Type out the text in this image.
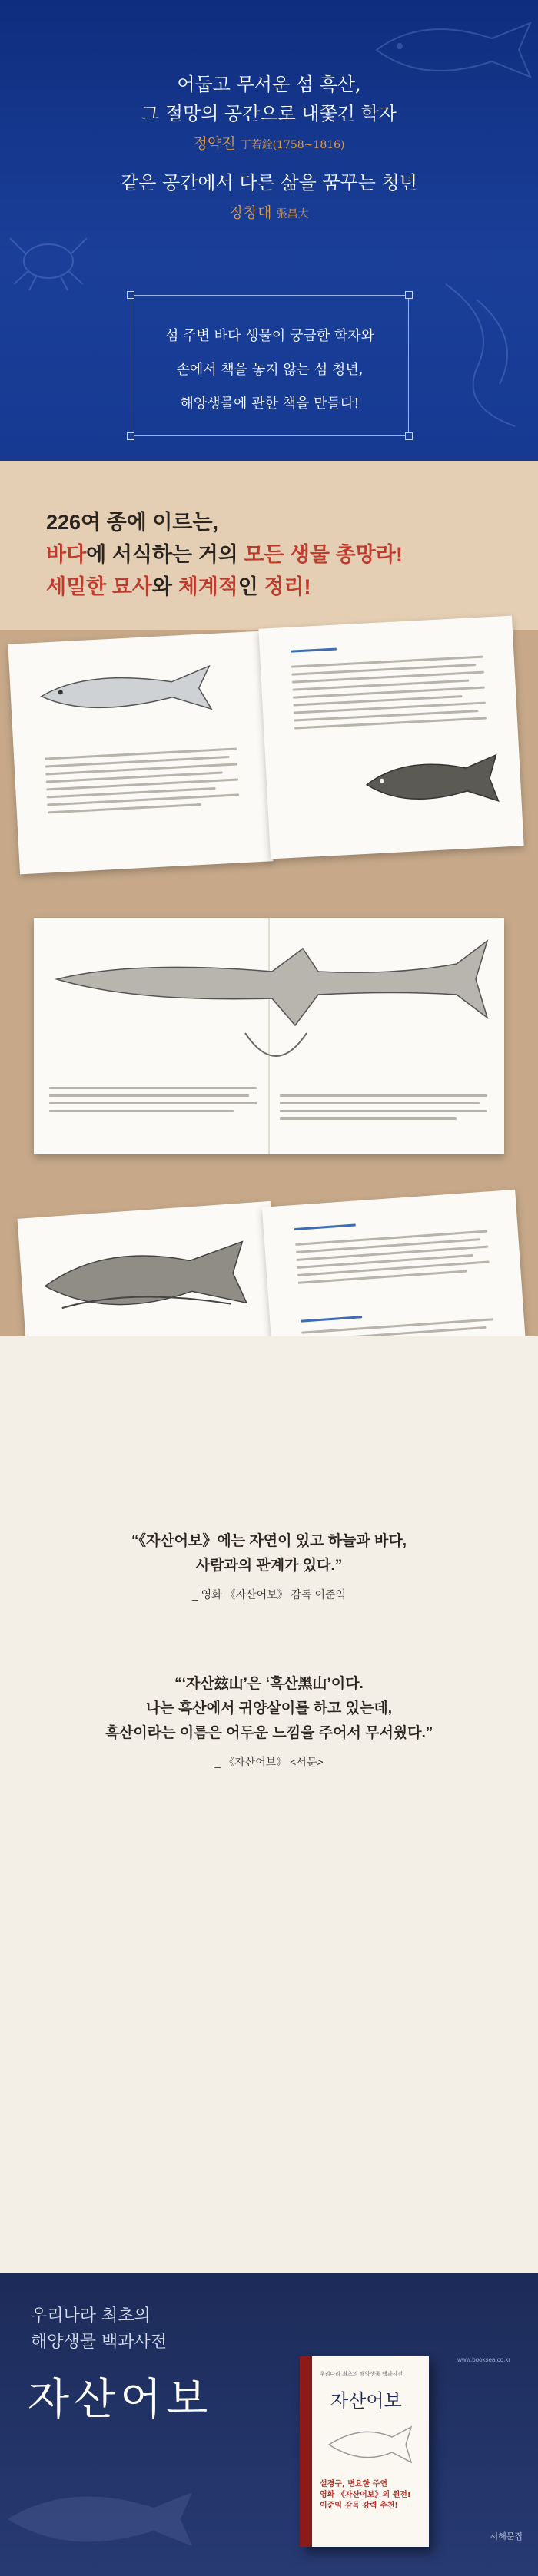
어둡고 무서운 섬 흑산,
그 절망의 공간으로 내쫓긴 학자
정약전 丁若銓(1758~1816)
같은 공간에서 다른 삶을 꿈꾸는 청년
장창대 張昌大

섬 주변 바다 생물이 궁금한 학자와

손에서 책을 놓지 않는 섬 청년,

해양생물에 관한 책을 만들다!

226여 종에 이르는,
바다에 서식하는 거의 모든 생물 총망라!
세밀한 묘사와 체계적인 정리!
“《자산어보》에는 자연이 있고 하늘과 바다,
사람과의 관계가 있다.”
_ 영화 《자산어보》 감독 이준익
“‘자산玆山’은 ‘흑산黑山’이다.
나는 흑산에서 귀양살이를 하고 있는데,
흑산이라는 이름은 어두운 느낌을 주어서 무서웠다.”
_ 《자산어보》 <서문>
우리나라 최초의
해양생물 백과사전
자산어보
www.booksea.co.kr
우리나라 최초의 해양생물 백과사전
자산어보
설경구, 변요한 주연
영화 《자산어보》의 원전!
이준익 감독 강력 추천!
서해문집
